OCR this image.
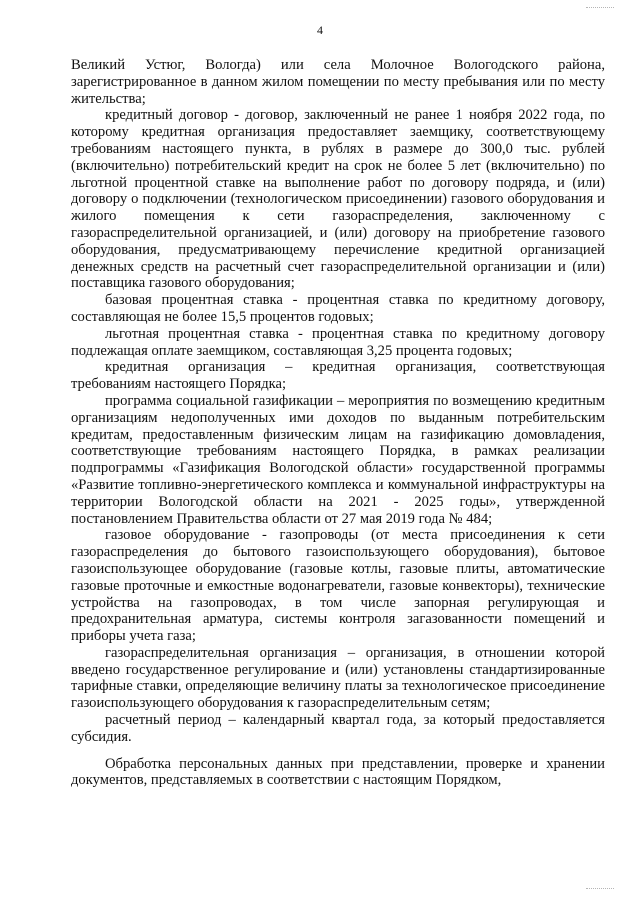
4

Великий Устюг, Вологда) или села Молочное Вологодского района, зарегистрированное в данном жилом помещении по месту пребывания или по месту жительства;

кредитный договор - договор, заключенный не ранее 1 ноября 2022 года, по которому кредитная организация предоставляет заемщику, соответствующему требованиям настоящего пункта, в рублях в размере до 300,0 тыс. рублей (включительно) потребительский кредит на срок не более 5 лет (включительно) по льготной процентной ставке на выполнение работ по договору подряда, и (или) договору о подключении (технологическом присоединении) газового оборудования и жилого помещения к сети газораспределения, заключенному с газораспределительной организацией, и (или) договору на приобретение газового оборудования, предусматривающему перечисление кредитной организацией денежных средств на расчетный счет газораспределительной организации и (или) поставщика газового оборудования;

базовая процентная ставка - процентная ставка по кредитному договору, составляющая не более 15,5 процентов годовых;

льготная процентная ставка - процентная ставка по кредитному договору подлежащая оплате заемщиком, составляющая 3,25 процента годовых;

кредитная организация – кредитная организация, соответствующая требованиям настоящего Порядка;

программа социальной газификации – мероприятия по возмещению кредитным организациям недополученных ими доходов по выданным потребительским кредитам, предоставленным физическим лицам на газификацию домовладения, соответствующие требованиям настоящего Порядка, в рамках реализации подпрограммы «Газификация Вологодской области» государственной программы «Развитие топливно-энергетического комплекса и коммунальной инфраструктуры на территории Вологодской области на 2021 - 2025 годы», утвержденной постановлением Правительства области от 27 мая 2019 года № 484;

газовое оборудование - газопроводы (от места присоединения к сети газораспределения до бытового газоиспользующего оборудования), бытовое газоиспользующее оборудование (газовые котлы, газовые плиты, автоматические газовые проточные и емкостные водонагреватели, газовые конвекторы), технические устройства на газопроводах, в том числе запорная регулирующая и предохранительная арматура, системы контроля загазованности помещений и приборы учета газа;

газораспределительная организация – организация, в отношении которой введено государственное регулирование и (или) установлены стандартизированные тарифные ставки, определяющие величину платы за технологическое присоединение газоиспользующего оборудования к газораспределительным сетям;

расчетный период – календарный квартал года, за который предоставляется субсидия.

Обработка персональных данных при представлении, проверке и хранении документов, представляемых в соответствии с настоящим Порядком,
